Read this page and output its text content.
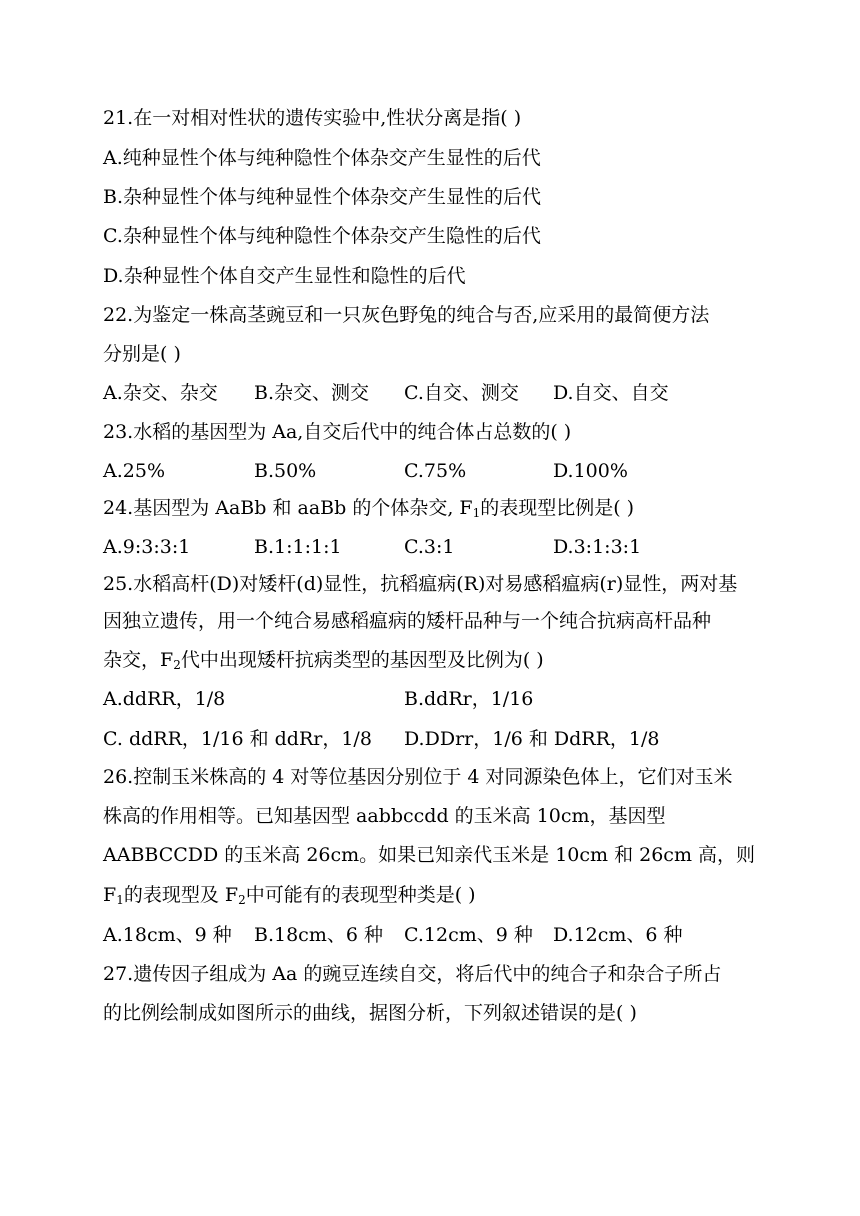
21.在一对相对性状的遗传实验中,性状分离是指( )
A.纯种显性个体与纯种隐性个体杂交产生显性的后代
B.杂种显性个体与纯种显性个体杂交产生显性的后代
C.杂种显性个体与纯种隐性个体杂交产生隐性的后代
D.杂种显性个体自交产生显性和隐性的后代
22.为鉴定一株高茎豌豆和一只灰色野兔的纯合与否,应采用的最简便方法
分别是( )
A.杂交、杂交 B.杂交、测交 C.自交、测交 D.自交、自交
23.水稻的基因型为 Aa,自交后代中的纯合体占总数的( )
A.25%	B.50%	C.75%	D.100%
24.基因型为 AaBb 和 aaBb 的个体杂交, $F_1$的表现型比例是( )
A.9:3:3:1	B.1:1:1:1	C.3:1	D.3:1:3:1
25.水稻高杆(D)对矮杆(d)显性，抗稻瘟病(R)对易感稻瘟病(r)显性，两对基
因独立遗传，用一个纯合易感稻瘟病的矮杆品种与一个纯合抗病高杆品种
杂交，$F_2$代中出现矮杆抗病类型的基因型及比例为( )
A.ddRR，1/8	B.ddRr，1/16
C. ddRR，1/16 和 ddRr，1/8 D.DDrr，1/6 和 DdRR，1/8
26.控制玉米株高的 4 对等位基因分别位于 4 对同源染色体上，它们对玉米
株高的作用相等。已知基因型 aabbccdd 的玉米高 10cm，基因型
AABBCCDD 的玉米高 26cm。如果已知亲代玉米是 10cm 和 26cm 高，则
$F_1$的表现型及 $F_2$中可能有的表现型种类是( )
A.18cm、9 种 B.18cm、6 种 C.12cm、9 种 D.12cm、6 种
27.遗传因子组成为 Aa 的豌豆连续自交，将后代中的纯合子和杂合子所占
的比例绘制成如图所示的曲线，据图分析，下列叙述错误的是( )
